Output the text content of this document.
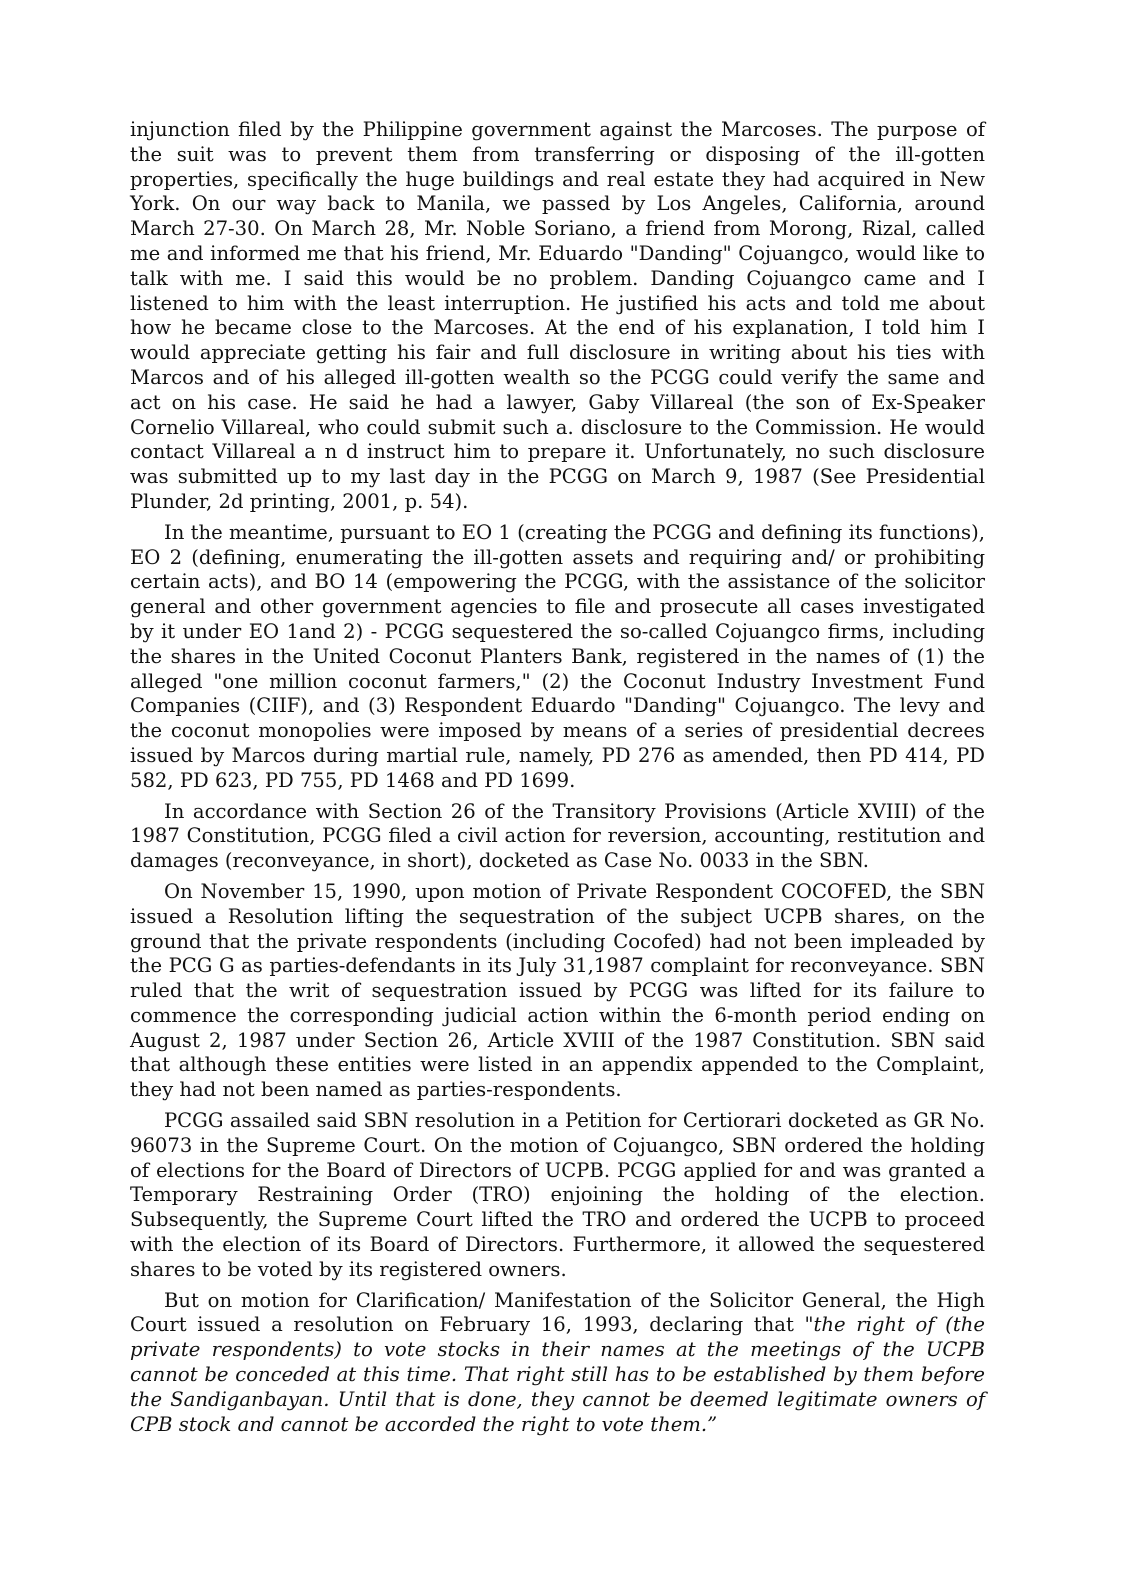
injunction filed by the Philippine government against the Marcoses. The purpose of the suit was to prevent them from transferring or disposing of the ill-gotten properties, specifically the huge buildings and real estate they had acquired in New York. On our way back to Manila, we passed by Los Angeles, California, around March 27-30. On March 28, Mr. Noble Soriano, a friend from Morong, Rizal, called me and informed me that his friend, Mr. Eduardo "Danding" Cojuangco, would like to talk with me. I said this would be no problem. Danding Cojuangco came and I listened to him with the least interruption. He justified his acts and told me about how he became close to the Marcoses. At the end of his explanation, I told him I would appreciate getting his fair and full disclosure in writing about his ties with Marcos and of his alleged ill-gotten wealth so the PCGG could verify the same and act on his case. He said he had a lawyer, Gaby Villareal (the son of Ex-Speaker Cornelio Villareal, who could submit such a. disclosure to the Commission. He would contact Villareal a n d instruct him to prepare it. Unfortunately, no such disclosure was submitted up to my last day in the PCGG on March 9, 1987 (See Presidential Plunder, 2d printing, 2001, p. 54).

In the meantime, pursuant to EO 1 (creating the PCGG and defining its functions), EO 2 (defining, enumerating the ill-gotten assets and requiring and/ or prohibiting certain acts), and BO 14 (empowering the PCGG, with the assistance of the solicitor general and other government agencies to file and prosecute all cases investigated by it under EO 1and 2) - PCGG sequestered the so-called Cojuangco firms, including the shares in the United Coconut Planters Bank, registered in the names of (1) the alleged "one million coconut farmers," (2) the Coconut Industry Investment Fund Companies (CIIF), and (3) Respondent Eduardo "Danding" Cojuangco. The levy and the coconut monopolies were imposed by means of a series of presidential decrees issued by Marcos during martial rule, namely, PD 276 as amended, then PD 414, PD 582, PD 623, PD 755, PD 1468 and PD 1699.

In accordance with Section 26 of the Transitory Provisions (Article XVIII) of the 1987 Constitution, PCGG filed a civil action for reversion, accounting, restitution and damages (reconveyance, in short), docketed as Case No. 0033 in the SBN.

On November 15, 1990, upon motion of Private Respondent COCOFED, the SBN issued a Resolution lifting the sequestration of the subject UCPB shares, on the ground that the private respondents (including Cocofed) had not been impleaded by the PCG G as parties-defendants in its July 31,1987 complaint for reconveyance. SBN ruled that the writ of sequestration issued by PCGG was lifted for its failure to commence the corresponding judicial action within the 6-month period ending on August 2, 1987 under Section 26, Article XVIII of the 1987 Constitution. SBN said that although these entities were listed in an appendix appended to the Complaint, they had not been named as parties-respondents.

PCGG assailed said SBN resolution in a Petition for Certiorari docketed as GR No. 96073 in the Supreme Court. On the motion of Cojuangco, SBN ordered the holding of elections for the Board of Directors of UCPB. PCGG applied for and was granted a Temporary Restraining Order (TRO) enjoining the holding of the election. Subsequently, the Supreme Court lifted the TRO and ordered the UCPB to proceed with the election of its Board of Directors. Furthermore, it allowed the sequestered shares to be voted by its registered owners.

But on motion for Clarification/ Manifestation of the Solicitor General, the High Court issued a resolution on February 16, 1993, declaring that "the right of (the private respondents) to vote stocks in their names at the meetings of the UCPB cannot be conceded at this time. That right still has to be established by them before the Sandiganbayan. Until that is done, they cannot be deemed legitimate owners of CPB stock and cannot be accorded the right to vote them.”
